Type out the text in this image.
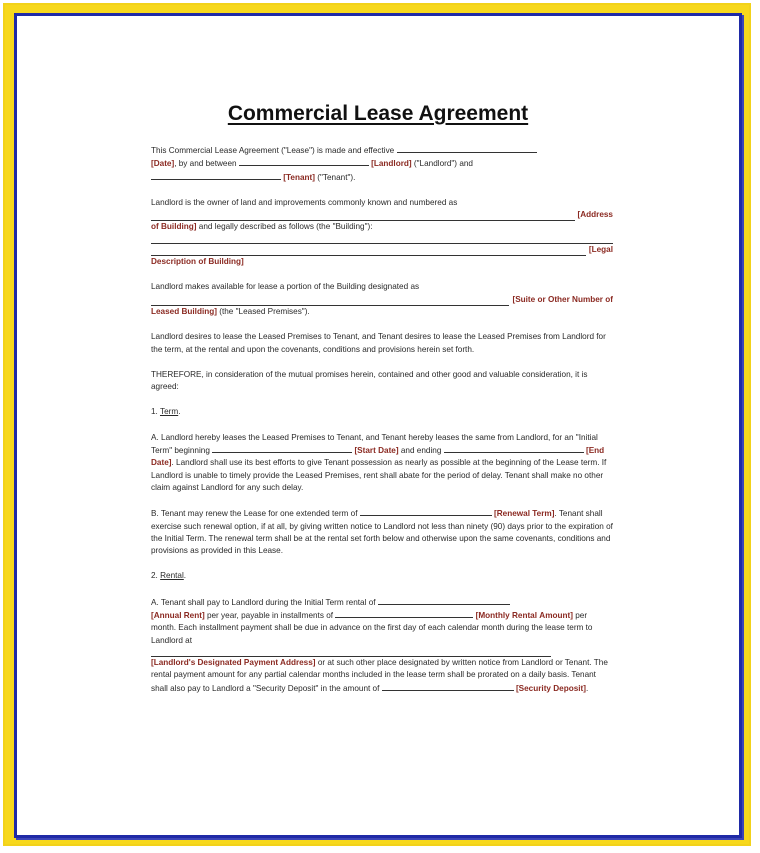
Commercial Lease Agreement

This Commercial Lease Agreement ("Lease") is made and effective
[Date], by and between	[Landlord] ("Landlord") and
[Tenant] ("Tenant").

Landlord is the owner of land and improvements commonly known and numbered as
[Address
of Building] and legally described as follows (the "Building"):
[Legal
Description of Building]

Landlord makes available for lease a portion of the Building designated as
[Suite or Other Number of
Leased Building] (the "Leased Premises").

Landlord desires to lease the Leased Premises to Tenant, and Tenant desires to lease the Leased Premises from Landlord for the term, at the rental and upon the covenants, conditions and provisions herein set forth.

THEREFORE, in consideration of the mutual promises herein, contained and other good and valuable consideration, it is agreed:

1. Term.

A. Landlord hereby leases the Leased Premises to Tenant, and Tenant hereby leases the same from Landlord, for an "Initial Term" beginning	[Start Date] and ending	[End Date]. Landlord shall use its best efforts to give Tenant possession as nearly as possible at the beginning of the Lease term. If Landlord is unable to timely provide the Leased Premises, rent shall abate for the period of delay. Tenant shall make no other claim against Landlord for any such delay.

B. Tenant may renew the Lease for one extended term of	[Renewal Term]. Tenant shall exercise such renewal option, if at all, by giving written notice to Landlord not less than ninety (90) days prior to the expiration of the Initial Term. The renewal term shall be at the rental set forth below and otherwise upon the same covenants, conditions and provisions as provided in this Lease.

2. Rental.

A. Tenant shall pay to Landlord during the Initial Term rental of
[Annual Rent] per year, payable in installments of	[Monthly Rental Amount] per month. Each installment payment shall be due in advance on the first day of each calendar month during the lease term to Landlord at
[Landlord's Designated Payment Address] or at such other place designated by written notice from Landlord or Tenant. The rental payment amount for any partial calendar months included in the lease term shall be prorated on a daily basis. Tenant shall also pay to Landlord a "Security Deposit" in the amount of	[Security Deposit].
